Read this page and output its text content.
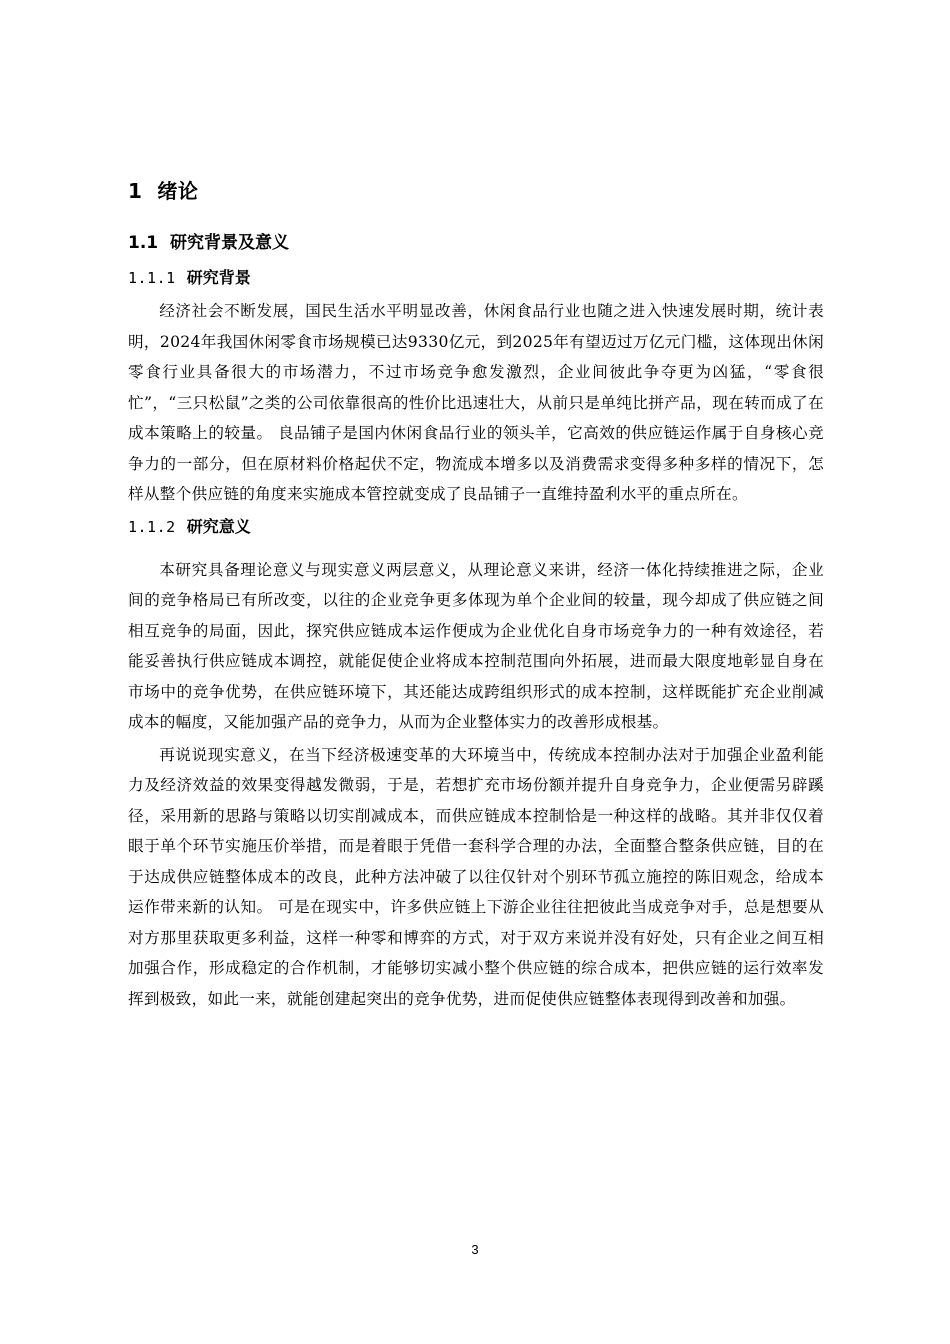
1 绪论
1.1 研究背景及意义
1.1.1 研究背景

经济社会不断发展，国民生活水平明显改善，休闲食品行业也随之进入快速发展时期，统计表明，2024年我国休闲零食市场规模已达9330亿元，到2025年有望迈过万亿元门槛，这体现出休闲零食行业具备很大的市场潜力，不过市场竞争愈发激烈，企业间彼此争夺更为凶猛，“零食很忙”，“三只松鼠”之类的公司依靠很高的性价比迅速壮大，从前只是单纯比拼产品，现在转而成了在成本策略上的较量。 良品铺子是国内休闲食品行业的领头羊，它高效的供应链运作属于自身核心竞争力的一部分，但在原材料价格起伏不定，物流成本增多以及消费需求变得多种多样的情况下，怎样从整个供应链的角度来实施成本管控就变成了良品铺子一直维持盈利水平的重点所在。

1.1.2 研究意义

本研究具备理论意义与现实意义两层意义，从理论意义来讲，经济一体化持续推进之际，企业间的竞争格局已有所改变，以往的企业竞争更多体现为单个企业间的较量，现今却成了供应链之间相互竞争的局面，因此，探究供应链成本运作便成为企业优化自身市场竞争力的一种有效途径，若能妥善执行供应链成本调控，就能促使企业将成本控制范围向外拓展，进而最大限度地彰显自身在市场中的竞争优势，在供应链环境下，其还能达成跨组织形式的成本控制，这样既能扩充企业削减成本的幅度，又能加强产品的竞争力，从而为企业整体实力的改善形成根基。

再说说现实意义，在当下经济极速变革的大环境当中，传统成本控制办法对于加强企业盈利能力及经济效益的效果变得越发微弱，于是，若想扩充市场份额并提升自身竞争力，企业便需另辟蹊径，采用新的思路与策略以切实削减成本，而供应链成本控制恰是一种这样的战略。其并非仅仅着眼于单个环节实施压价举措，而是着眼于凭借一套科学合理的办法，全面整合整条供应链，目的在于达成供应链整体成本的改良，此种方法冲破了以往仅针对个别环节孤立施控的陈旧观念，给成本运作带来新的认知。 可是在现实中，许多供应链上下游企业往往把彼此当成竞争对手，总是想要从对方那里获取更多利益，这样一种零和博弈的方式，对于双方来说并没有好处，只有企业之间互相加强合作，形成稳定的合作机制，才能够切实减小整个供应链的综合成本，把供应链的运行效率发挥到极致，如此一来，就能创建起突出的竞争优势，进而促使供应链整体表现得到改善和加强。

3
